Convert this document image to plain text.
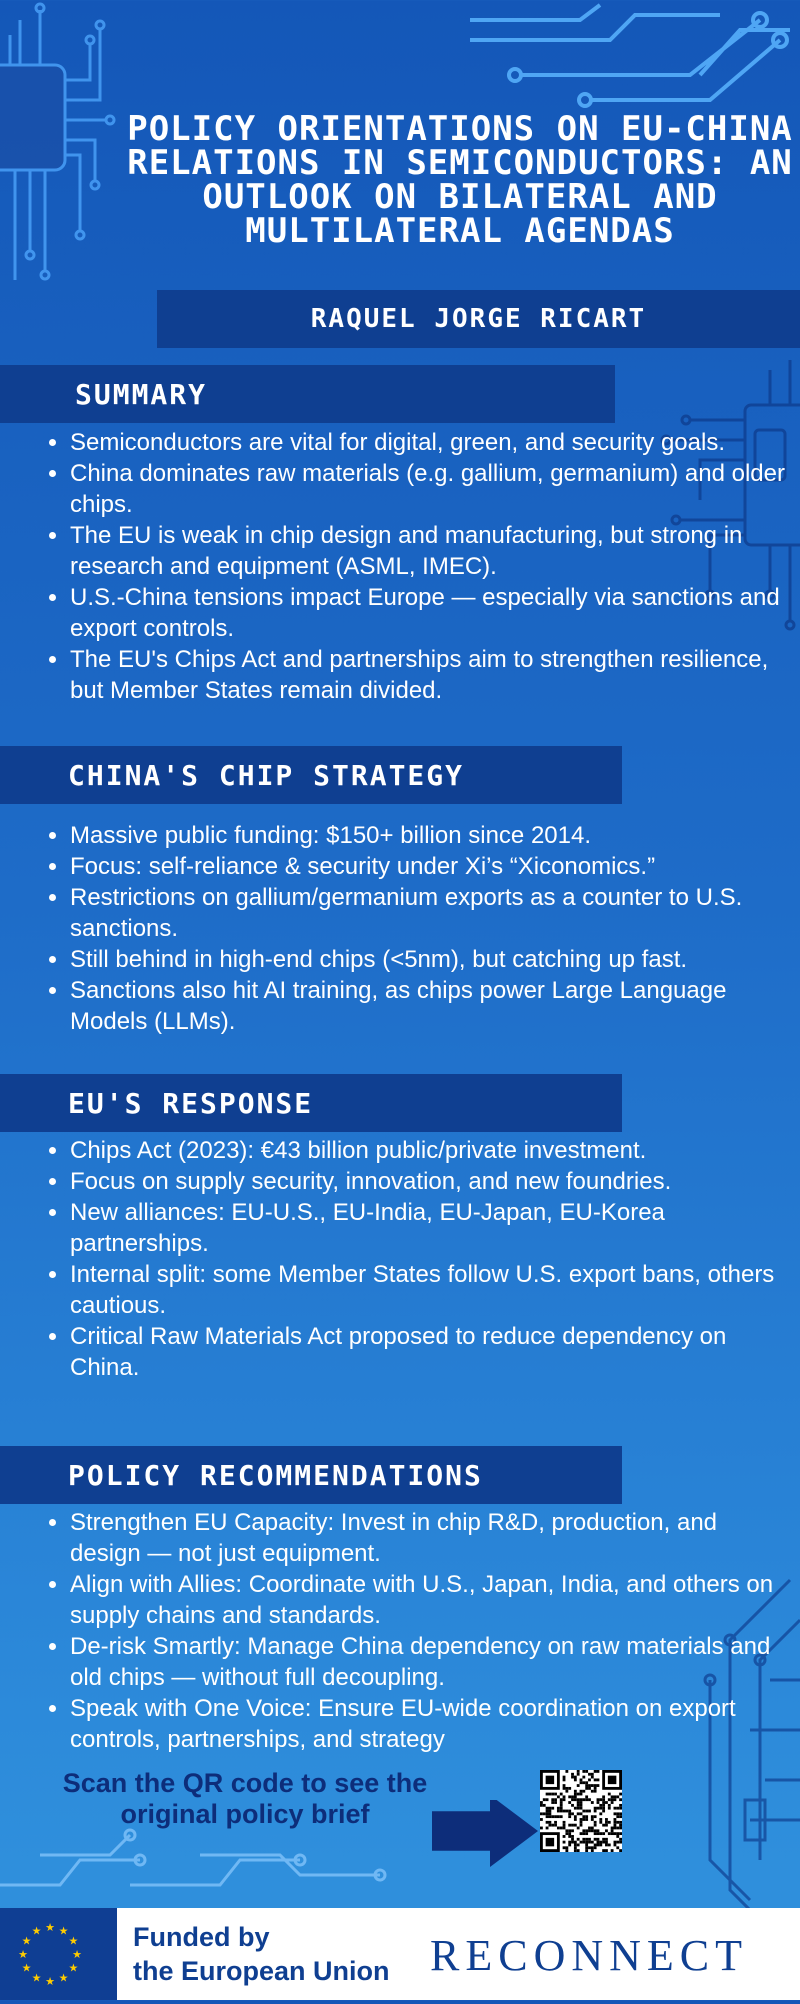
POLICY ORIENTATIONS ON EU-CHINA RELATIONS IN SEMICONDUCTORS: AN OUTLOOK ON BILATERAL AND MULTILATERAL AGENDAS
RAQUEL JORGE RICART
SUMMARY
• Semiconductors are vital for digital, green, and security goals.
• China dominates raw materials (e.g. gallium, germanium) and older chips.
• The EU is weak in chip design and manufacturing, but strong in research and equipment (ASML, IMEC).
• U.S.-China tensions impact Europe — especially via sanctions and export controls.
• The EU's Chips Act and partnerships aim to strengthen resilience, but Member States remain divided.
CHINA'S CHIP STRATEGY
• Massive public funding: $150+ billion since 2014.
• Focus: self-reliance & security under Xi’s “Xiconomics.”
• Restrictions on gallium/germanium exports as a counter to U.S. sanctions.
• Still behind in high-end chips (<5nm), but catching up fast.
• Sanctions also hit AI training, as chips power Large Language Models (LLMs).
EU'S RESPONSE
• Chips Act (2023): €43 billion public/private investment.
• Focus on supply security, innovation, and new foundries.
• New alliances: EU-U.S., EU-India, EU-Japan, EU-Korea partnerships.
• Internal split: some Member States follow U.S. export bans, others cautious.
• Critical Raw Materials Act proposed to reduce dependency on China.
POLICY RECOMMENDATIONS
• Strengthen EU Capacity: Invest in chip R&D, production, and design — not just equipment.
• Align with Allies: Coordinate with U.S., Japan, India, and others on supply chains and standards.
• De-risk Smartly: Manage China dependency on raw materials and old chips — without full decoupling.
• Speak with One Voice: Ensure EU-wide coordination on export controls, partnerships, and strategy
Scan the QR code to see the original policy brief
★
★
★
★
★
★
★
★
★ ★ ★
★ Funded by
the European Union RECONNECT
